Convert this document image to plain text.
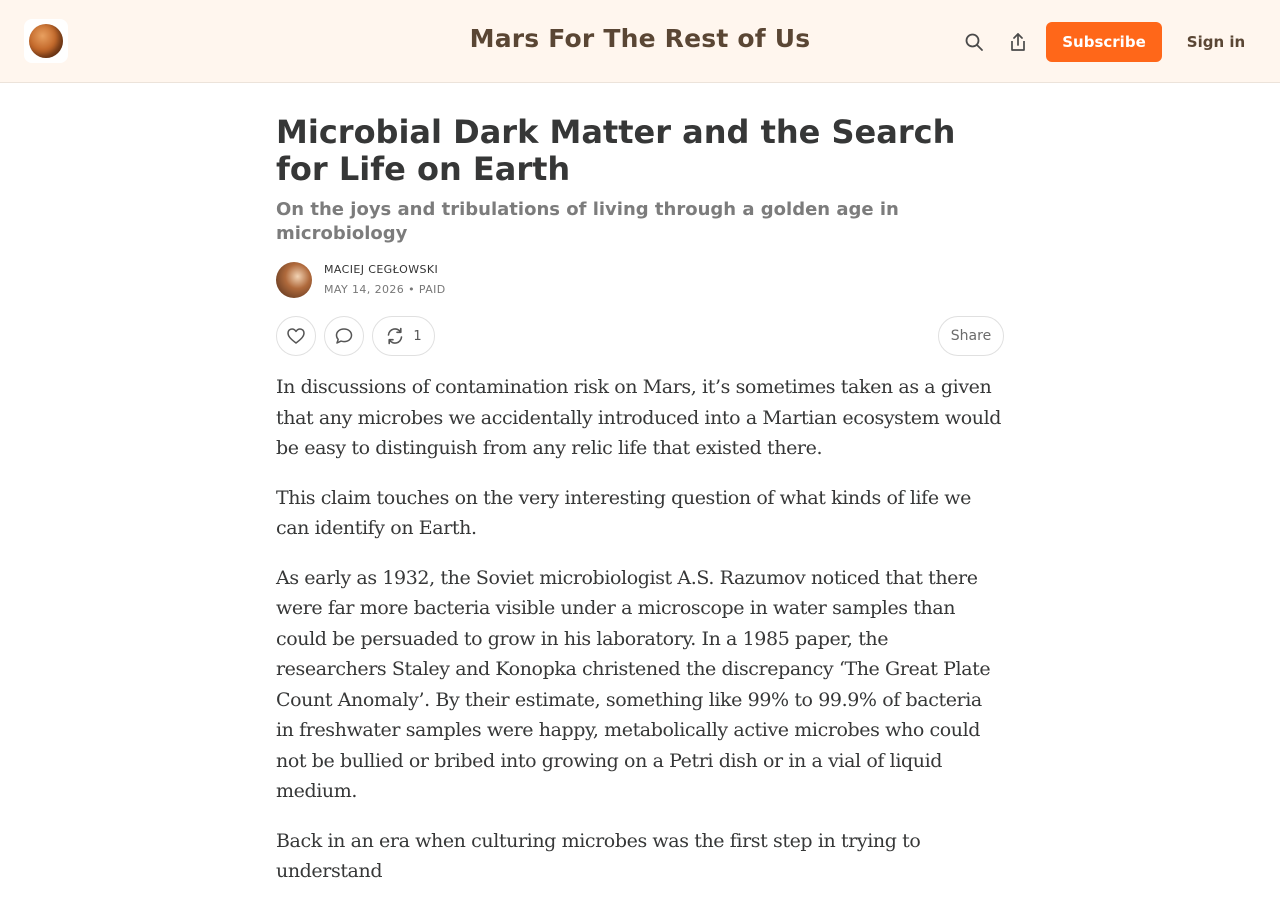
Mars For The Rest of Us	Subscribe	Sign in
Microbial Dark Matter and the Search for Life on Earth
On the joys and tribulations of living through a golden age in microbiology
MACIEJ CEGŁOWSKI
MAY 14, 2026 • PAID
1	Share

In discussions of contamination risk on Mars, it’s sometimes taken as a given that any microbes we accidentally introduced into a Martian ecosystem would be easy to distinguish from any relic life that existed there.

This claim touches on the very interesting question of what kinds of life we can identify on Earth.

As early as 1932, the Soviet microbiologist A.S. Razumov noticed that there were far more bacteria visible under a microscope in water samples than could be persuaded to grow in his laboratory. In a 1985 paper, the researchers Staley and Konopka christened the discrepancy ‘The Great Plate Count Anomaly’. By their estimate, something like 99% to 99.9% of bacteria in freshwater samples were happy, metabolically active microbes who could not be bullied or bribed into growing on a Petri dish or in a vial of liquid medium.

Back in an era when culturing microbes was the first step in trying to understand
